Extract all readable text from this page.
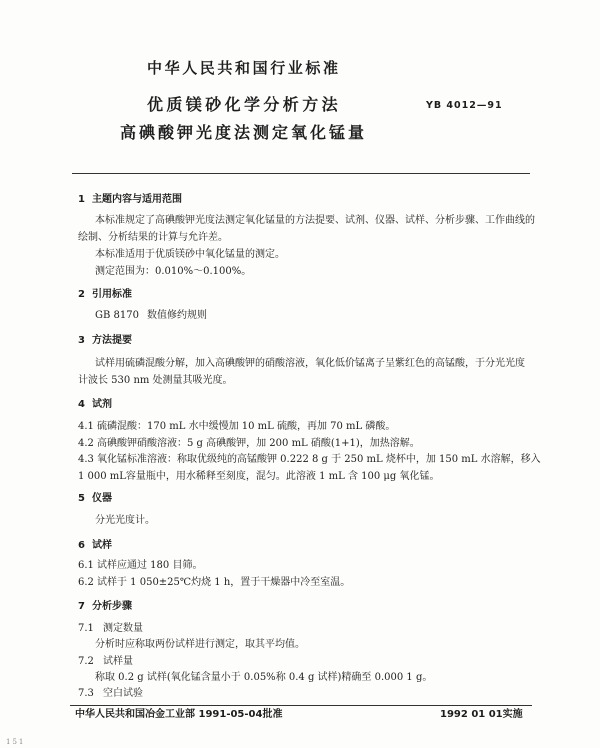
中华人民共和国行业标准
优质镁砂化学分析方法	YB 4012—91
高碘酸钾光度法测定氧化锰量
1 主题内容与适用范围
本标准规定了高碘酸钾光度法测定氧化锰量的方法提要、试剂、仪器、试样、分析步骤、工作曲线的
绘制、分析结果的计算与允许差。
本标准适用于优质镁砂中氧化锰量的测定。
测定范围为：0.010%～0.100%。
2 引用标准
GB 8170 数值修约规则
3 方法提要
试样用硫磷混酸分解，加入高碘酸钾的硝酸溶液，氧化低价锰离子呈紫红色的高锰酸，于分光光度
计波长 530 nm 处测量其吸光度。
4 试剂
4.1 硫磷混酸：170 mL 水中缓慢加 10 mL 硫酸，再加 70 mL 磷酸。
4.2 高碘酸钾硝酸溶液：5 g 高碘酸钾，加 200 mL 硝酸(1+1)，加热溶解。
4.3 氧化锰标准溶液：称取优级纯的高锰酸钾 0.222 8 g 于 250 mL 烧杯中，加 150 mL 水溶解，移入
1 000 mL容量瓶中，用水稀释至刻度，混匀。此溶液 1 mL 含 100 μg 氧化锰。
5 仪器
分光光度计。
6 试样
6.1 试样应通过 180 目筛。
6.2 试样于 1 050±25℃灼烧 1 h，置于干燥器中冷至室温。
7 分析步骤
7.1 测定数量
分析时应称取两份试样进行测定，取其平均值。
7.2 试样量
称取 0.2 g 试样(氧化锰含量小于 0.05%称 0.4 g 试样)精确至 0.000 1 g。
7.3 空白试验
中华人民共和国冶金工业部 1991-05-04批准	1992 01 01实施
151
